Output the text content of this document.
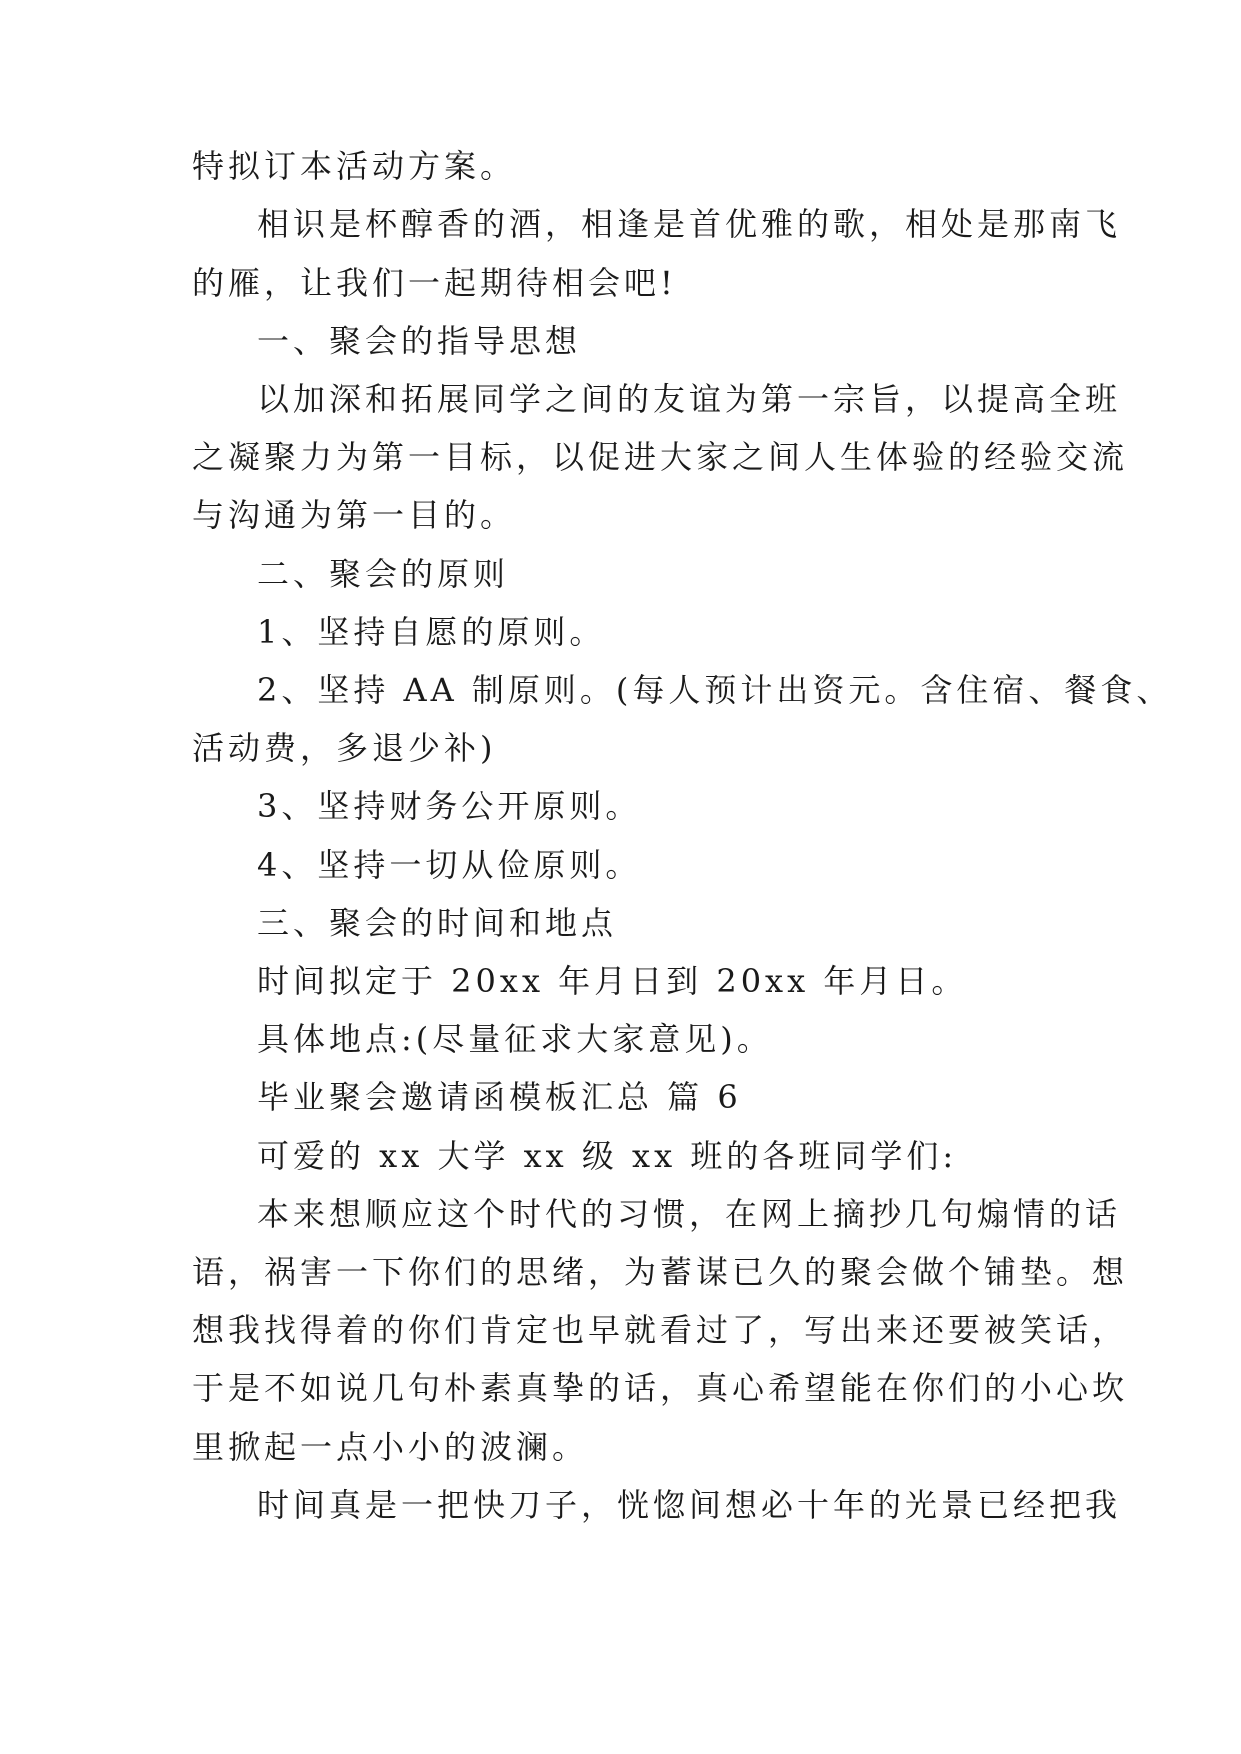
特拟订本活动方案。
相识是杯醇香的酒，相逢是首优雅的歌，相处是那南飞
的雁，让我们一起期待相会吧!
一、聚会的指导思想
以加深和拓展同学之间的友谊为第一宗旨，以提高全班
之凝聚力为第一目标，以促进大家之间人生体验的经验交流
与沟通为第一目的。
二、聚会的原则
1、坚持自愿的原则。
2、坚持 AA 制原则。(每人预计出资元。含住宿、餐食、
活动费，多退少补)
3、坚持财务公开原则。
4、坚持一切从俭原则。
三、聚会的时间和地点
时间拟定于 20xx 年月日到 20xx 年月日。
具体地点:(尽量征求大家意见)。
毕业聚会邀请函模板汇总 篇 6
可爱的 xx 大学 xx 级 xx 班的各班同学们:
本来想顺应这个时代的习惯，在网上摘抄几句煽情的话
语，祸害一下你们的思绪，为蓄谋已久的聚会做个铺垫。想
想我找得着的你们肯定也早就看过了，写出来还要被笑话，
于是不如说几句朴素真挚的话，真心希望能在你们的小心坎
里掀起一点小小的波澜。
时间真是一把快刀子，恍惚间想必十年的光景已经把我
